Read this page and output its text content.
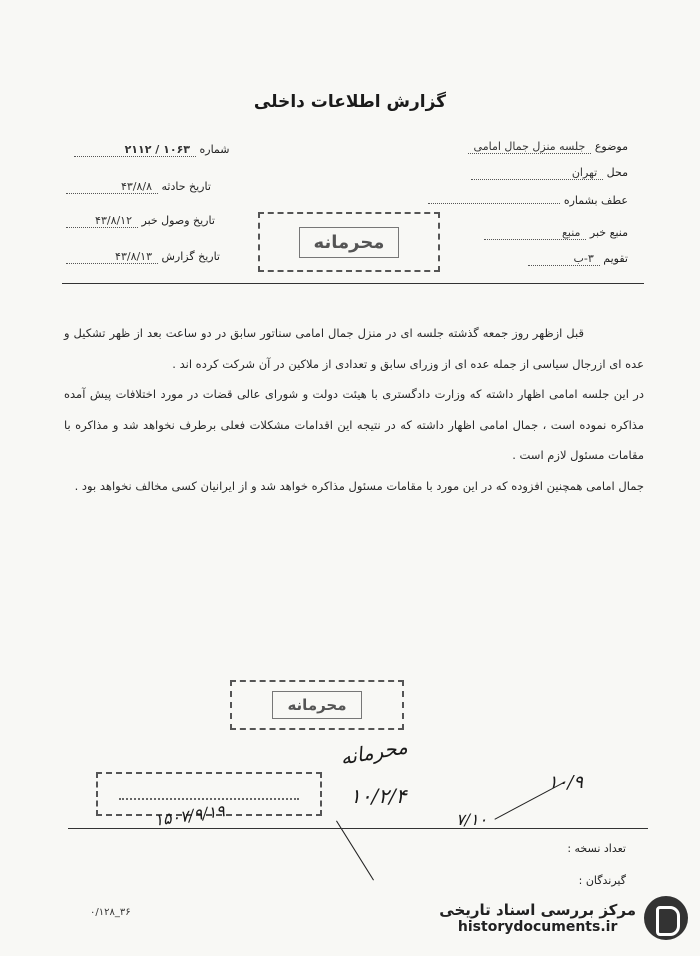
گزارش اطلاعات داخلی
موضوع جلسه منزل جمال امامی
محل تهران
عطف بشماره
منبع خبر منبع
تقویم ۳-ب
شماره ۱۰۶۳ / ۲۱۱۲
تاریخ حادثه ۴۳/۸/۸
تاریخ وصول خبر ۴۳/۸/۱۲
تاریخ گزارش ۴۳/۸/۱۳
محرمانه

قبل ازظهر روز جمعه گذشته جلسه ای در منزل جمال امامی سناتور سابق در دو ساعت بعد از ظهر تشکیل و عده ای ازرجال سیاسی از جمله عده ای از وزرای سابق و تعدادی از ملاکین در آن شرکت کرده اند .

در این جلسه امامی اظهار داشته که وزارت دادگستری با هیئت دولت و شورای عالی قضات در مورد اختلافات پیش آمده مذاکره نموده است ، جمال امامی اظهار داشته که در نتیجه این اقدامات مشکلات فعلی برطرف نخواهد شد و مذاکره با مقامات مسئول لازم است .

جمال امامی همچنین افزوده که در این مورد با مقامات مسئول مذاکره خواهد شد و از ایرانیان کسی مخالف نخواهد بود .

محرمانه
۱۵۰۷/۹/۱۹
محرمانه
۱۰/۲/۴
۱۰/۹
۷/۱۰
تعداد نسخه :
گیرندگان :
۰/۱۲۸_۳۶	مرکز بررسی اسناد تاریخی
historydocuments.ir
